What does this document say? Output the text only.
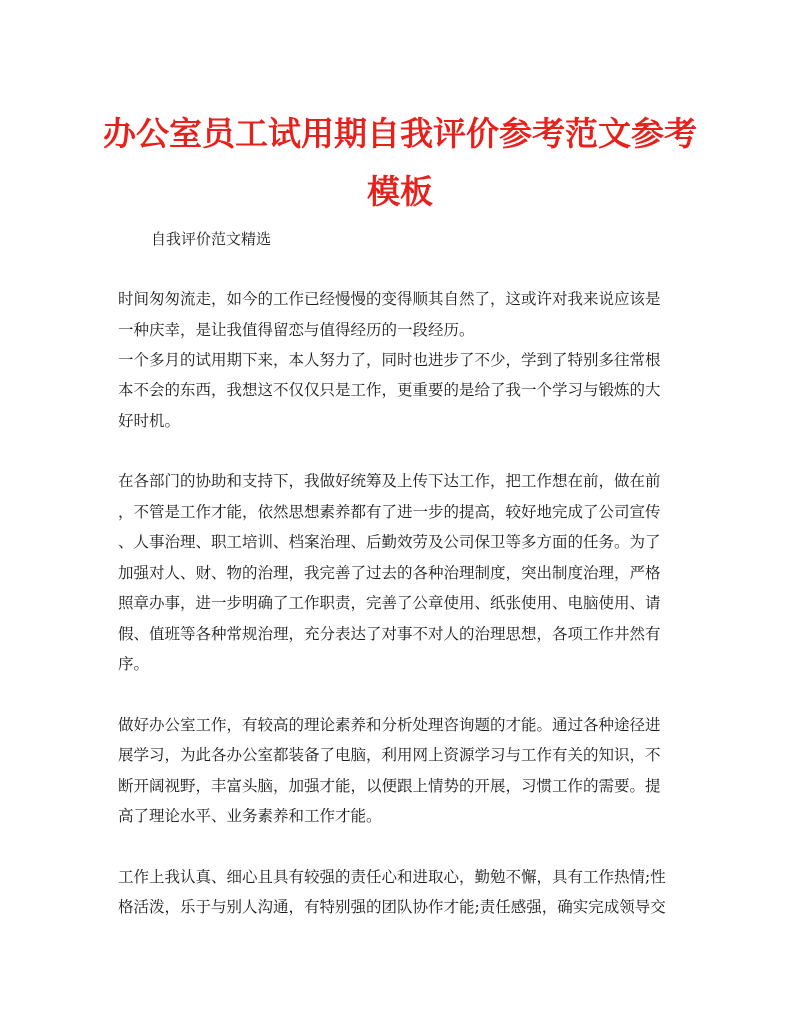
办公室员工试用期自我评价参考范文参考
模板
自我评价范文精选
时间匆匆流走，如今的工作已经慢慢的变得顺其自然了，这或许对我来说应该是
一种庆幸，是让我值得留恋与值得经历的一段经历。
一个多月的试用期下来，本人努力了，同时也进步了不少，学到了特别多往常根
本不会的东西，我想这不仅仅只是工作，更重要的是给了我一个学习与锻炼的大
好时机。
在各部门的协助和支持下，我做好统筹及上传下达工作，把工作想在前，做在前
，不管是工作才能，依然思想素养都有了进一步的提高，较好地完成了公司宣传
、人事治理、职工培训、档案治理、后勤效劳及公司保卫等多方面的任务。为了
加强对人、财、物的治理，我完善了过去的各种治理制度，突出制度治理，严格
照章办事，进一步明确了工作职责，完善了公章使用、纸张使用、电脑使用、请
假、值班等各种常规治理，充分表达了对事不对人的治理思想，各项工作井然有
序。
做好办公室工作，有较高的理论素养和分析处理咨询题的才能。通过各种途径进
展学习，为此各办公室都装备了电脑，利用网上资源学习与工作有关的知识，不
断开阔视野，丰富头脑，加强才能，以便跟上情势的开展，习惯工作的需要。提
高了理论水平、业务素养和工作才能。
工作上我认真、细心且具有较强的责任心和进取心，勤勉不懈，具有工作热情;性
格活泼，乐于与别人沟通，有特别强的团队协作才能;责任感强，确实完成领导交
